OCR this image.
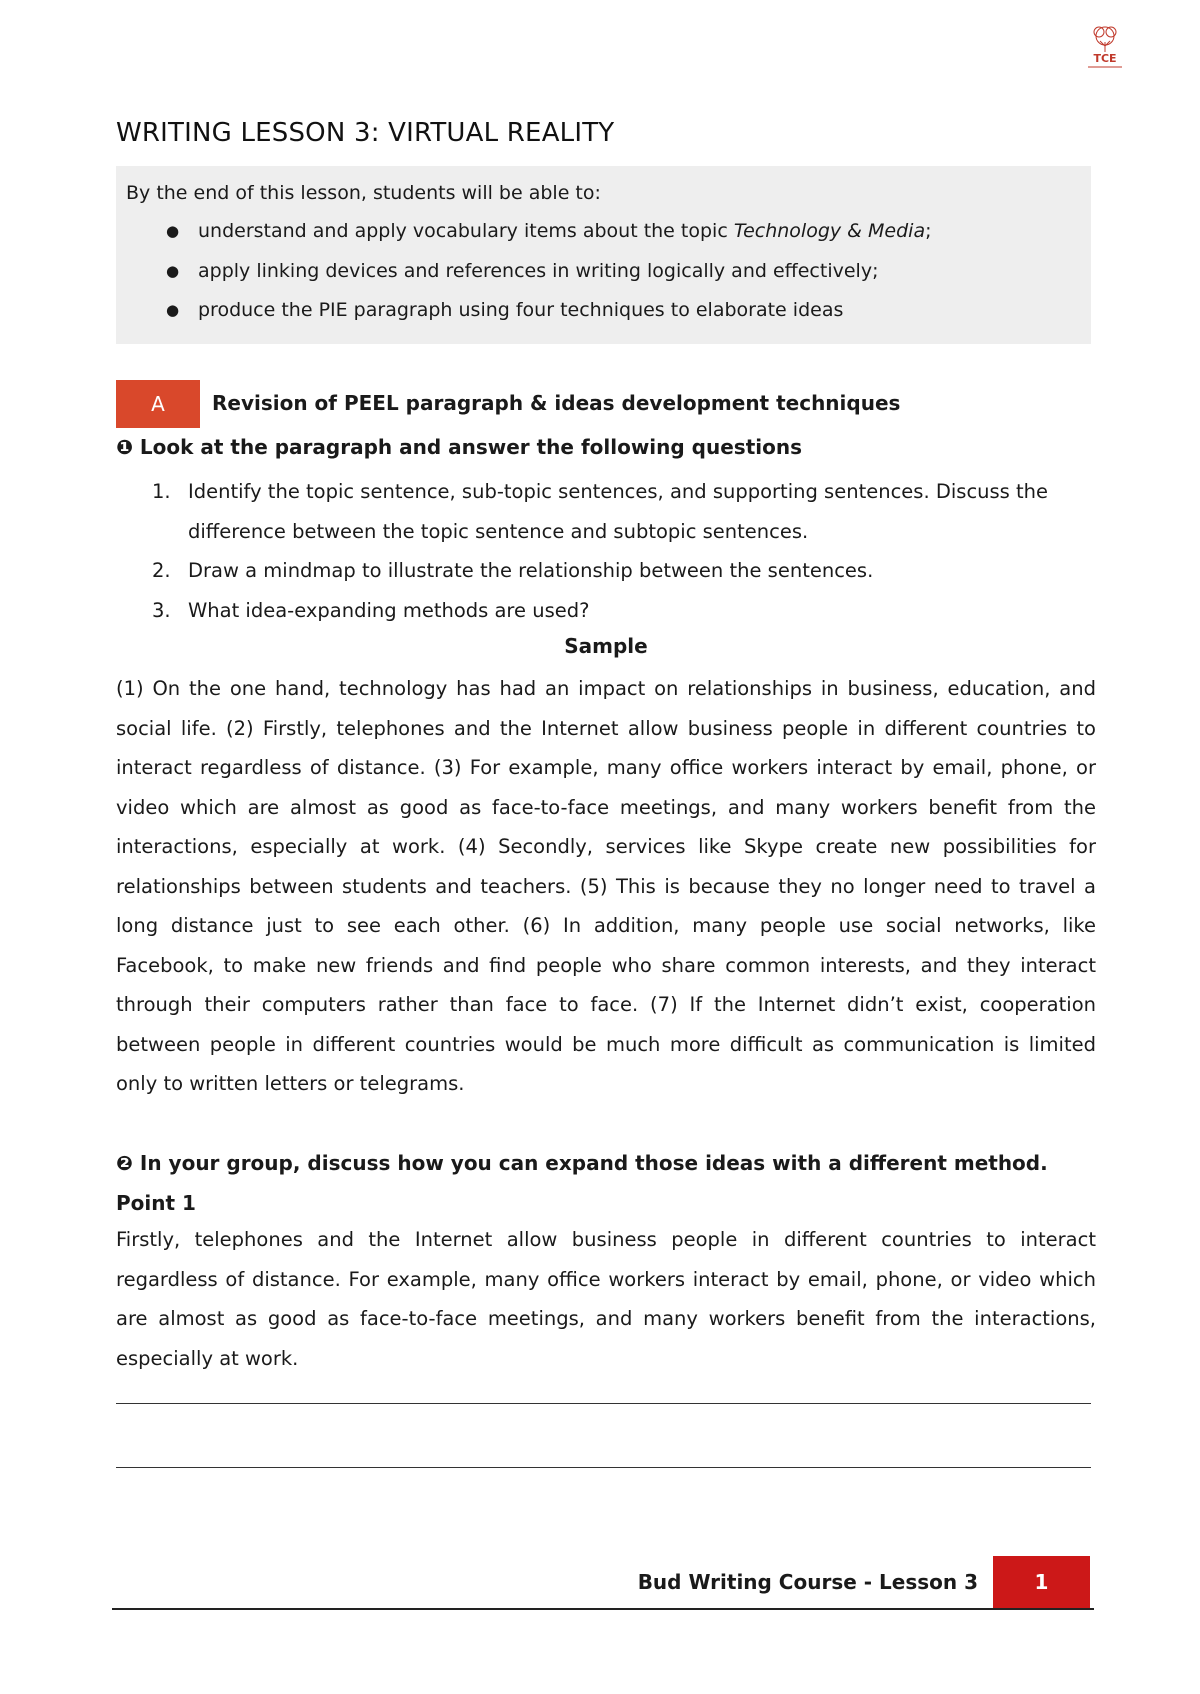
TCE
WRITING LESSON 3: VIRTUAL REALITY

By the end of this lesson, students will be able to:

● understand and apply vocabulary items about the topic Technology & Media;
● apply linking devices and references in writing logically and effectively;
● produce the PIE paragraph using four techniques to elaborate ideas
A	Revision of PEEL paragraph & ideas development techniques
❶ Look at the paragraph and answer the following questions
1. Identify the topic sentence, sub-topic sentences, and supporting sentences. Discuss the difference between the topic sentence and subtopic sentences.
2. Draw a mindmap to illustrate the relationship between the sentences.
3. What idea-expanding methods are used?
Sample

(1) On the one hand, technology has had an impact on relationships in business, education, and social life. (2) Firstly, telephones and the Internet allow business people in different countries to interact regardless of distance. (3) For example, many office workers interact by email, phone, or video which are almost as good as face-to-face meetings, and many workers benefit from the interactions, especially at work. (4) Secondly, services like Skype create new possibilities for relationships between students and teachers. (5) This is because they no longer need to travel a long distance just to see each other. (6) In addition, many people use social networks, like Facebook, to make new friends and find people who share common interests, and they interact through their computers rather than face to face. (7) If the Internet didn’t exist, cooperation between people in different countries would be much more difficult as communication is limited only to written letters or telegrams.

❷ In your group, discuss how you can expand those ideas with a different method.
Point 1

Firstly, telephones and the Internet allow business people in different countries to interact regardless of distance. For example, many office workers interact by email, phone, or video which are almost as good as face-to-face meetings, and many workers benefit from the interactions, especially at work.

Bud Writing Course - Lesson 3	1
